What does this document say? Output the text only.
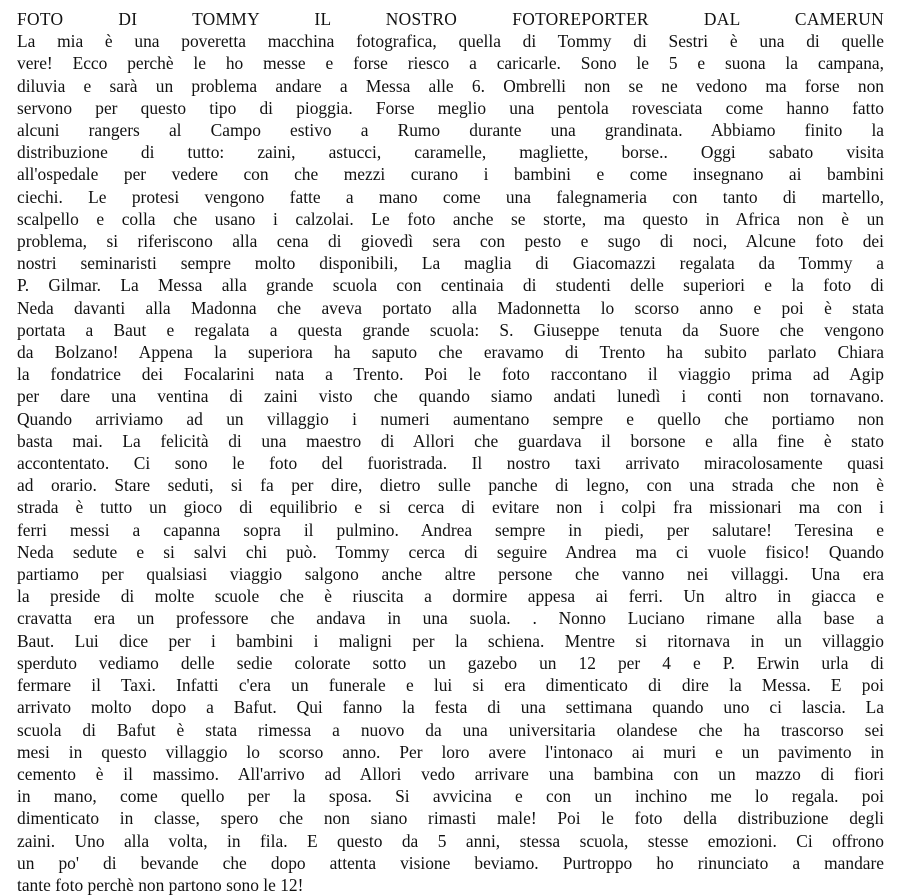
FOTO DI TOMMY IL NOSTRO FOTOREPORTER DAL CAMERUN

La mia è una poveretta macchina fotografica, quella di Tommy di Sestri è una di quelle

vere! Ecco perchè le ho messe e forse riesco a caricarle. Sono le 5 e suona la campana,

diluvia e sarà un problema andare a Messa alle 6. Ombrelli non se ne vedono ma forse non

servono per questo tipo di pioggia. Forse meglio una pentola rovesciata come hanno fatto

alcuni rangers al Campo estivo a Rumo durante una grandinata. Abbiamo finito la

distribuzione di tutto: zaini, astucci, caramelle, magliette, borse.. Oggi sabato visita

all'ospedale per vedere con che mezzi curano i bambini e come insegnano ai bambini

ciechi. Le protesi vengono fatte a mano come una falegnameria con tanto di martello,

scalpello e colla che usano i calzolai. Le foto anche se storte, ma questo in Africa non è un

problema, si riferiscono alla cena di giovedì sera con pesto e sugo di noci, Alcune foto dei

nostri seminaristi sempre molto disponibili, La maglia di Giacomazzi regalata da Tommy a

P. Gilmar. La Messa alla grande scuola con centinaia di studenti delle superiori e la foto di

Neda davanti alla Madonna che aveva portato alla Madonnetta lo scorso anno e poi è stata

portata a Baut e regalata a questa grande scuola: S. Giuseppe tenuta da Suore che vengono

da Bolzano! Appena la superiora ha saputo che eravamo di Trento ha subito parlato Chiara

la fondatrice dei Focalarini nata a Trento. Poi le foto raccontano il viaggio prima ad Agip

per dare una ventina di zaini visto che quando siamo andati lunedì i conti non tornavano.

Quando arriviamo ad un villaggio i numeri aumentano sempre e quello che portiamo non

basta mai. La felicità di una maestro di Allori che guardava il borsone e alla fine è stato

accontentato. Ci sono le foto del fuoristrada. Il nostro taxi arrivato miracolosamente quasi

ad orario. Stare seduti, si fa per dire, dietro sulle panche di legno, con una strada che non è

strada è tutto un gioco di equilibrio e si cerca di evitare non i colpi fra missionari ma con i

ferri messi a capanna sopra il pulmino. Andrea sempre in piedi, per salutare! Teresina e

Neda sedute e si salvi chi può. Tommy cerca di seguire Andrea ma ci vuole fisico! Quando

partiamo per qualsiasi viaggio salgono anche altre persone che vanno nei villaggi. Una era

la preside di molte scuole che è riuscita a dormire appesa ai ferri. Un altro in giacca e

cravatta era un professore che andava in una suola. . Nonno Luciano rimane alla base a

Baut. Lui dice per i bambini i maligni per la schiena. Mentre si ritornava in un villaggio

sperduto vediamo delle sedie colorate sotto un gazebo un 12 per 4 e P. Erwin urla di

fermare il Taxi. Infatti c'era un funerale e lui si era dimenticato di dire la Messa. E poi

arrivato molto dopo a Bafut. Qui fanno la festa di una settimana quando uno ci lascia. La

scuola di Bafut è stata rimessa a nuovo da una universitaria olandese che ha trascorso sei

mesi in questo villaggio lo scorso anno. Per loro avere l'intonaco ai muri e un pavimento in

cemento è il massimo. All'arrivo ad Allori vedo arrivare una bambina con un mazzo di fiori

in mano, come quello per la sposa. Si avvicina e con un inchino me lo regala. poi

dimenticato in classe, spero che non siano rimasti male! Poi le foto della distribuzione degli

zaini. Uno alla volta, in fila. E questo da 5 anni, stessa scuola, stesse emozioni. Ci offrono

un po' di bevande che dopo attenta visione beviamo. Purtroppo ho rinunciato a mandare

tante foto perchè non partono sono le 12!
